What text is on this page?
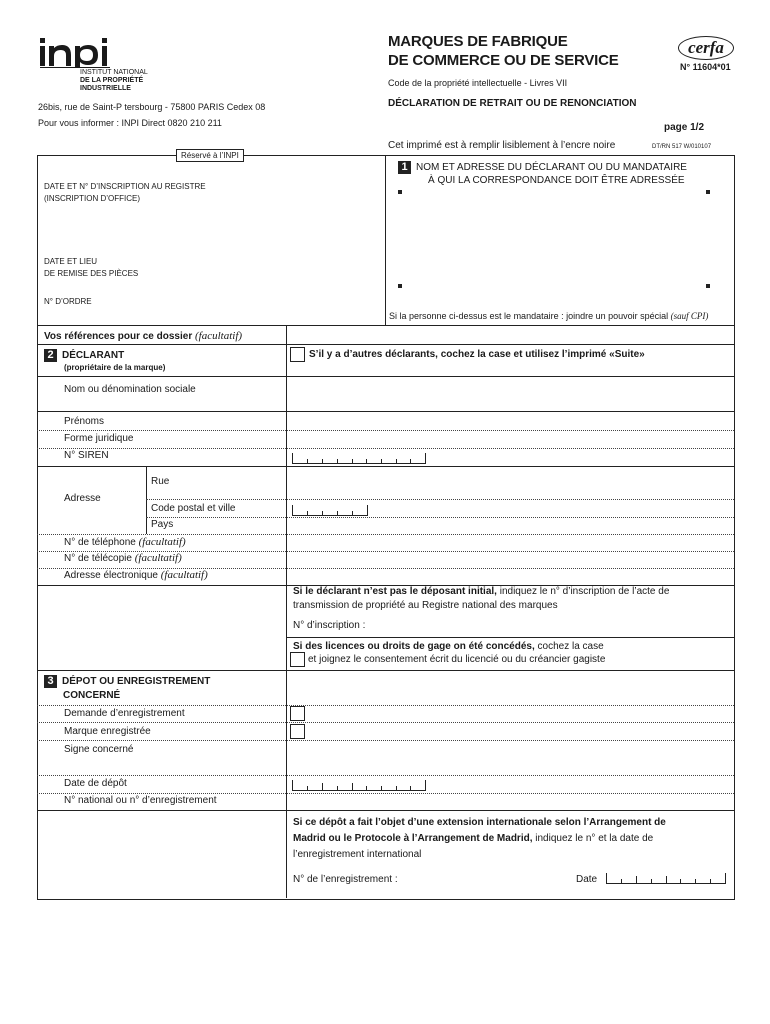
INSTITUT NATIONAL
DE LA PROPRIÉTÉ
INDUSTRIELLE
MARQUES DE FABRIQUE
DE COMMERCE OU DE SERVICE
cerfa
N° 11604*01
Code de la propriété intellectuelle - Livres VII
26bis, rue de Saint-P tersbourg - 75800 PARIS Cedex 08	DÉCLARATION DE RETRAIT OU DE RENONCIATION
Pour vous informer : INPI Direct 0820 210 211	page 1/2
Cet imprimé est à remplir lisiblement à l’encre noire	DT/RN 517 W/010107
Réservé à l’INPI
DATE ET N° D’INSCRIPTION AU REGISTRE
(INSCRIPTION D’OFFICE)
DATE ET LIEU
DE REMISE DES PIÈCES
N° D’ORDRE
1 NOM ET ADRESSE DU DÉCLARANT OU DU MANDATAIRE
À QUI LA CORRESPONDANCE DOIT ÊTRE ADRESSÉE
Si la personne ci-dessus est le mandataire : joindre un pouvoir spécial (sauf CPI)
Vos références pour ce dossier (facultatif)
2 DÉCLARANT
(propriétaire de la marque)
S’il y a d’autres déclarants, cochez la case et utilisez l’imprimé «Suite»
Nom ou dénomination sociale
Prénoms
Forme juridique
N° SIREN
Adresse
Rue
Code postal et ville
Pays
N° de téléphone (facultatif)
N° de télécopie (facultatif)
Adresse électronique (facultatif)
Si le déclarant n’est pas le déposant initial, indiquez le n° d’inscription de l’acte de
transmission de propriété au Registre national des marques
N° d’inscription :
Si des licences ou droits de gage on été concédés, cochez la case
et joignez le consentement écrit du licencié ou du créancier gagiste
3 DÉPOT OU ENREGISTREMENT
CONCERNÉ
Demande d’enregistrement
Marque enregistrée
Signe concerné
Date de dépôt
N° national ou n° d’enregistrement
Si ce dépôt a fait l’objet d’une extension internationale selon l’Arrangement de
Madrid ou le Protocole à l’Arrangement de Madrid, indiquez le n° et la date de
l’enregistrement international
N° de l’enregistrement :	Date
